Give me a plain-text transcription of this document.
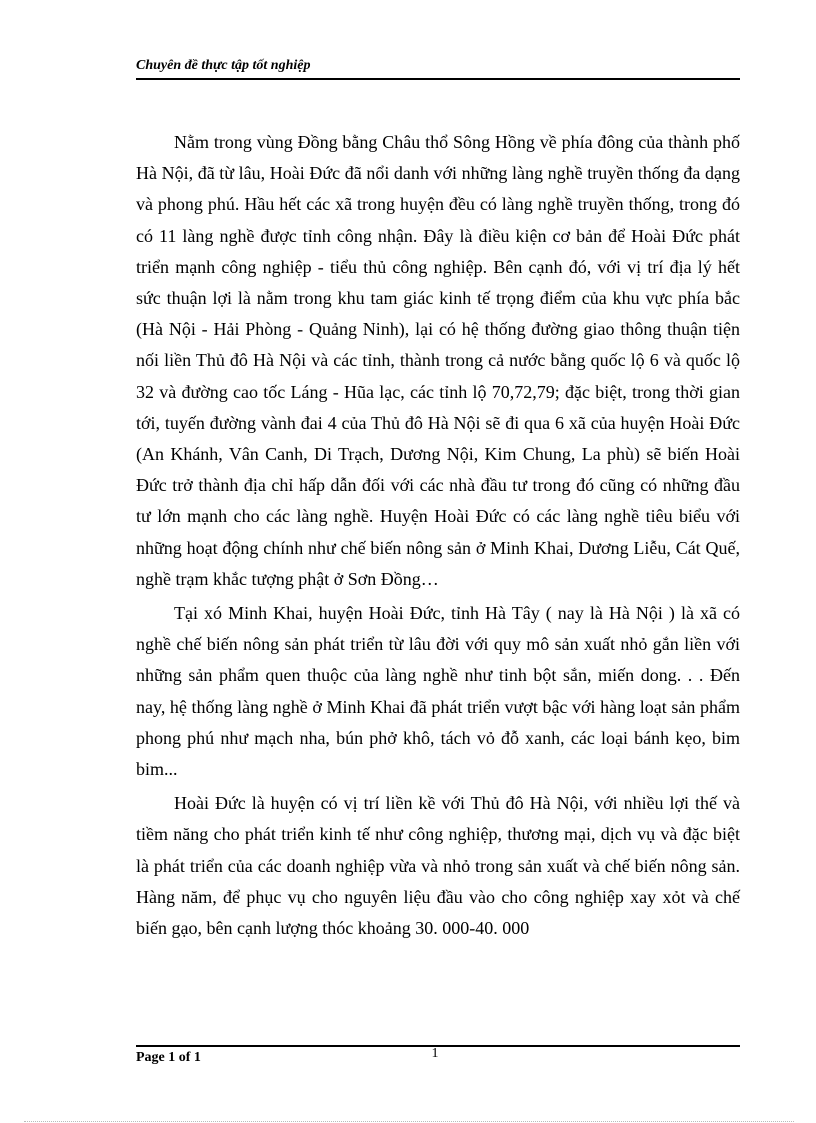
Chuyên đề thực tập tốt nghiệp

Nằm trong vùng Đồng bằng Châu thổ Sông Hồng về phía đông của thành phố Hà Nội, đã từ lâu, Hoài Đức đã nổi danh với những làng nghề truyền thống đa dạng và phong phú. Hầu hết các xã trong huyện đều có làng nghề truyền thống, trong đó có 11 làng nghề được tỉnh công nhận. Đây là điều kiện cơ bản để Hoài Đức phát triển mạnh công nghiệp - tiểu thủ công nghiệp. Bên cạnh đó, với vị trí địa lý hết sức thuận lợi là nằm trong khu tam giác kinh tế trọng điểm của khu vực phía bắc (Hà Nội - Hải Phòng - Quảng Ninh), lại có hệ thống đường giao thông thuận tiện nối liền Thủ đô Hà Nội và các tỉnh, thành trong cả nước bằng quốc lộ 6 và quốc lộ 32 và đường cao tốc Láng - Hũa lạc, các tỉnh lộ 70,72,79; đặc biệt, trong thời gian tới, tuyến đường vành đai 4 của Thủ đô Hà Nội sẽ đi qua 6 xã của huyện Hoài Đức (An Khánh, Vân Canh, Di Trạch, Dương Nội, Kim Chung, La phù) sẽ biến Hoài Đức trở thành địa chỉ hấp dẫn đối với các nhà đầu tư trong đó cũng có những đầu tư lớn mạnh cho các làng nghề. Huyện Hoài Đức có các làng nghề tiêu biểu với những hoạt động chính như chế biến nông sản ở Minh Khai, Dương Liễu, Cát Quế, nghề trạm khắc tượng phật ở Sơn Đồng…

Tại xó Minh Khai, huyện Hoài Đức, tỉnh Hà Tây ( nay là Hà Nội ) là xã có nghề chế biến nông sản phát triển từ lâu đời với quy mô sản xuất nhỏ gắn liền với những sản phẩm quen thuộc của làng nghề như tinh bột sắn, miến dong. . . Đến nay, hệ thống làng nghề ở Minh Khai đã phát triển vượt bậc với hàng loạt sản phẩm phong phú như mạch nha, bún phở khô, tách vỏ đỗ xanh, các loại bánh kẹo, bim bim...

Hoài Đức là huyện có vị trí liền kề với Thủ đô Hà Nội, với nhiều lợi thế và tiềm năng cho phát triển kinh tế như công nghiệp, thương mại, dịch vụ và đặc biệt là phát triển của các doanh nghiệp vừa và nhỏ trong sản xuất và chế biến nông sản. Hàng năm, để phục vụ cho nguyên liệu đầu vào cho công nghiệp xay xỏt và chế biến gạo, bên cạnh lượng thóc khoảng 30. 000-40. 000

Page 1 of 1	1
